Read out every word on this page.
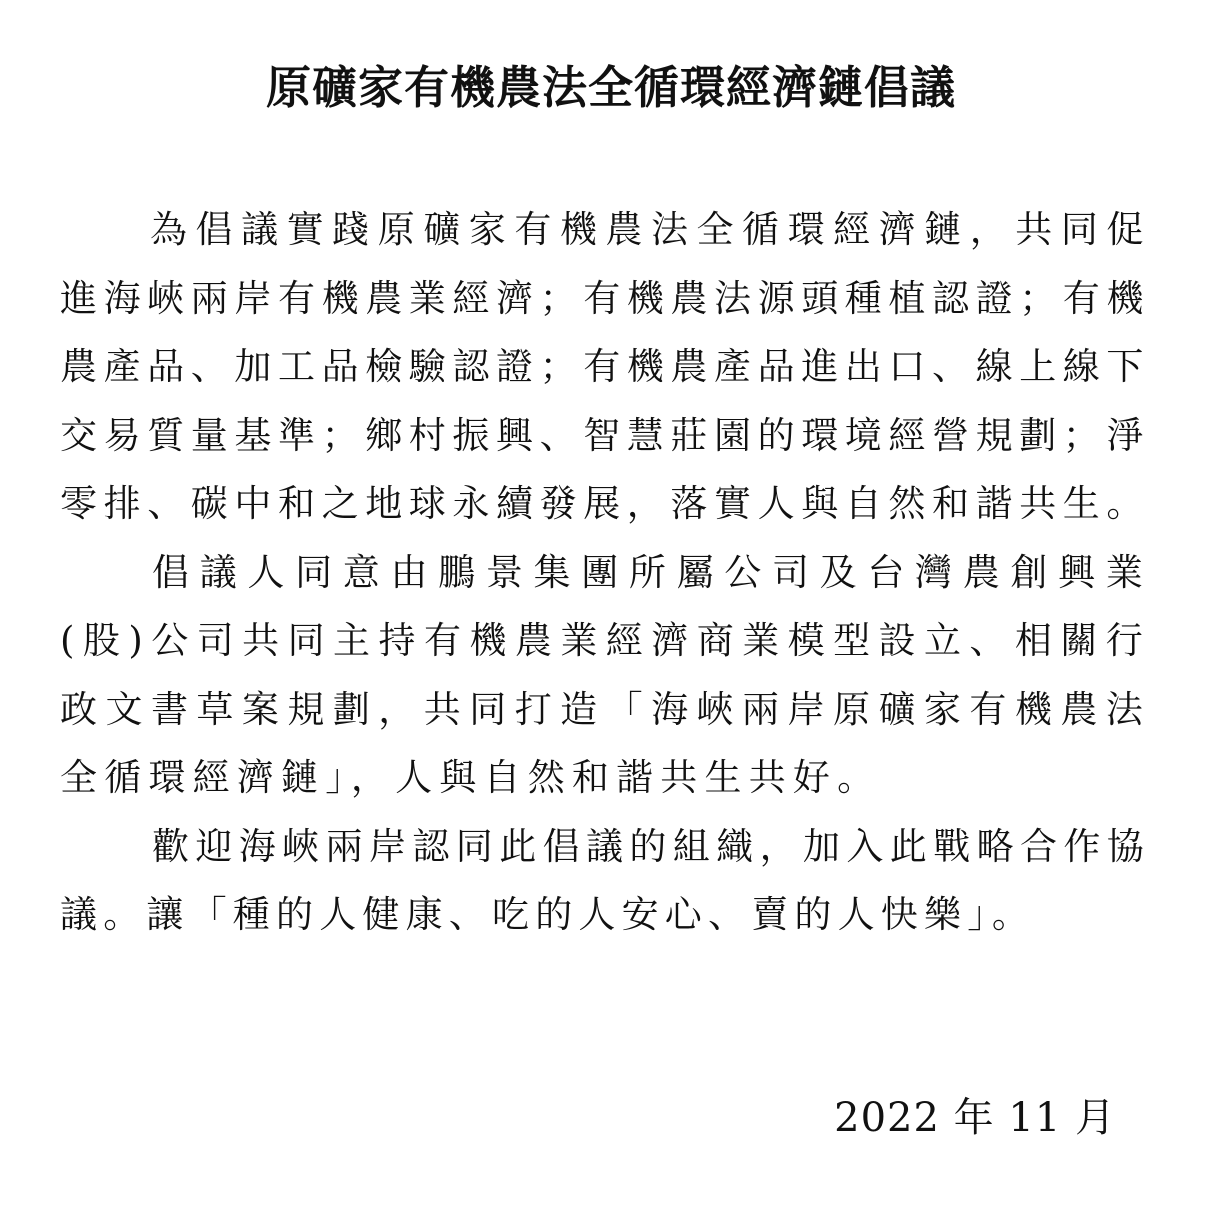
原礦家有機農法全循環經濟鏈倡議

為倡議實踐原礦家有機農法全循環經濟鏈，共同促進海峽兩岸有機農業經濟；有機農法源頭種植認證；有機農產品、加工品檢驗認證；有機農產品進出口、線上線下交易質量基準；鄉村振興、智慧莊園的環境經營規劃；淨零排、碳中和之地球永續發展，落實人與自然和諧共生。

倡議人同意由鵬景集團所屬公司及台灣農創興業(股)公司共同主持有機農業經濟商業模型設立、相關行政文書草案規劃，共同打造「海峽兩岸原礦家有機農法全循環經濟鏈」，人與自然和諧共生共好。

歡迎海峽兩岸認同此倡議的組織，加入此戰略合作協議。讓「種的人健康、吃的人安心、賣的人快樂」。

2022 年 11 月
